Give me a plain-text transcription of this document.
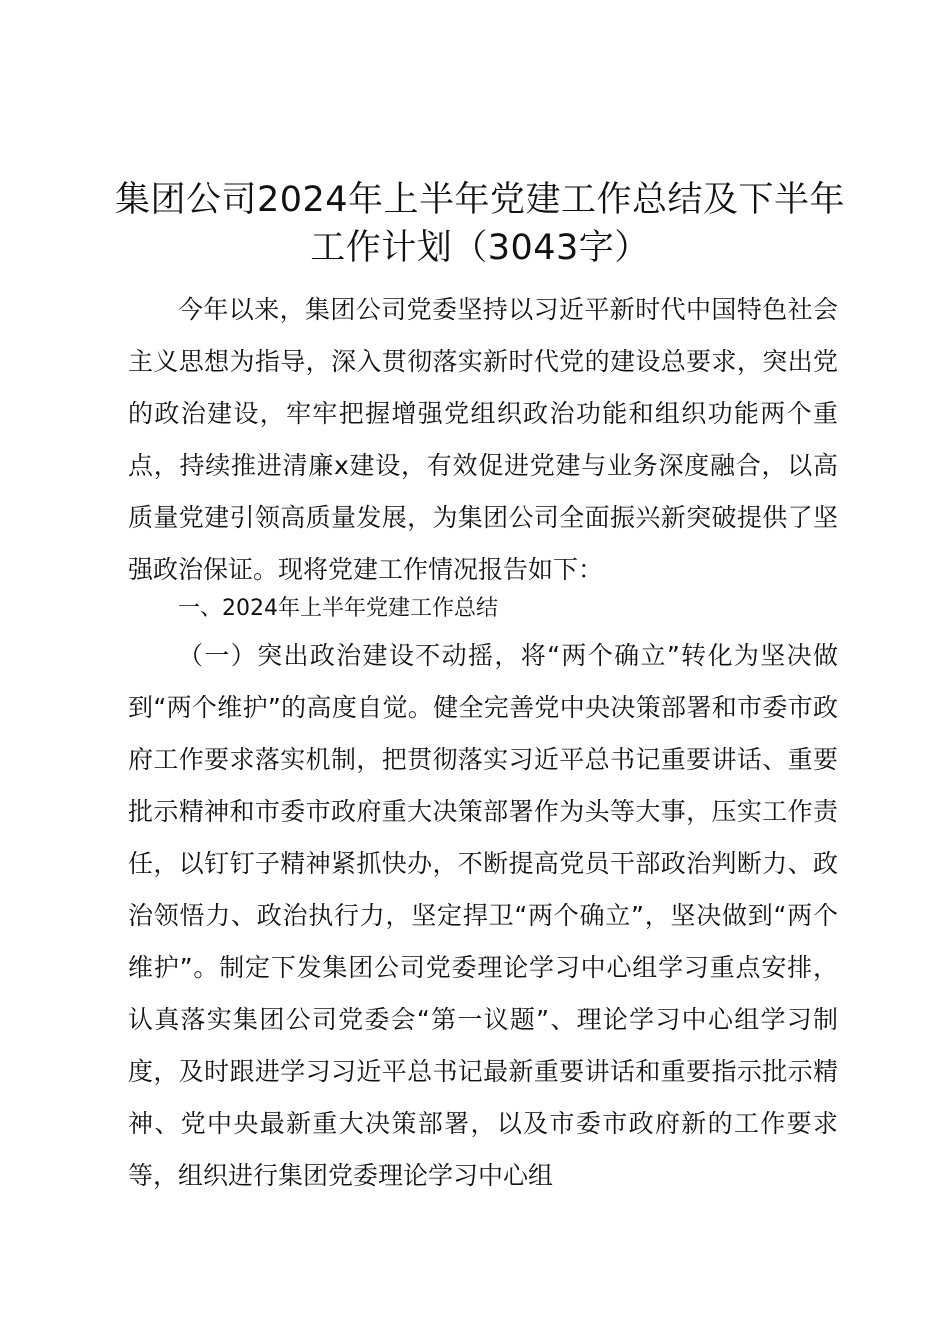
集团公司2024年上半年党建工作总结及下半年工作计划（3043字）

今年以来，集团公司党委坚持以习近平新时代中国特色社会主义思想为指导，深入贯彻落实新时代党的建设总要求，突出党的政治建设，牢牢把握增强党组织政治功能和组织功能两个重点，持续推进清廉x建设，有效促进党建与业务深度融合，以高质量党建引领高质量发展，为集团公司全面振兴新突破提供了坚强政治保证。现将党建工作情况报告如下：

一、2024年上半年党建工作总结

（一）突出政治建设不动摇，将“两个确立”转化为坚决做到“两个维护”的高度自觉。健全完善党中央决策部署和市委市政府工作要求落实机制，把贯彻落实习近平总书记重要讲话、重要批示精神和市委市政府重大决策部署作为头等大事，压实工作责任，以钉钉子精神紧抓快办，不断提高党员干部政治判断力、政治领悟力、政治执行力，坚定捍卫“两个确立”，坚决做到“两个维护”。制定下发集团公司党委理论学习中心组学习重点安排，认真落实集团公司党委会“第一议题”、理论学习中心组学习制度，及时跟进学习习近平总书记最新重要讲话和重要指示批示精神、党中央最新重大决策部署，以及市委市政府新的工作要求等，组织进行集团党委理论学习中心组
